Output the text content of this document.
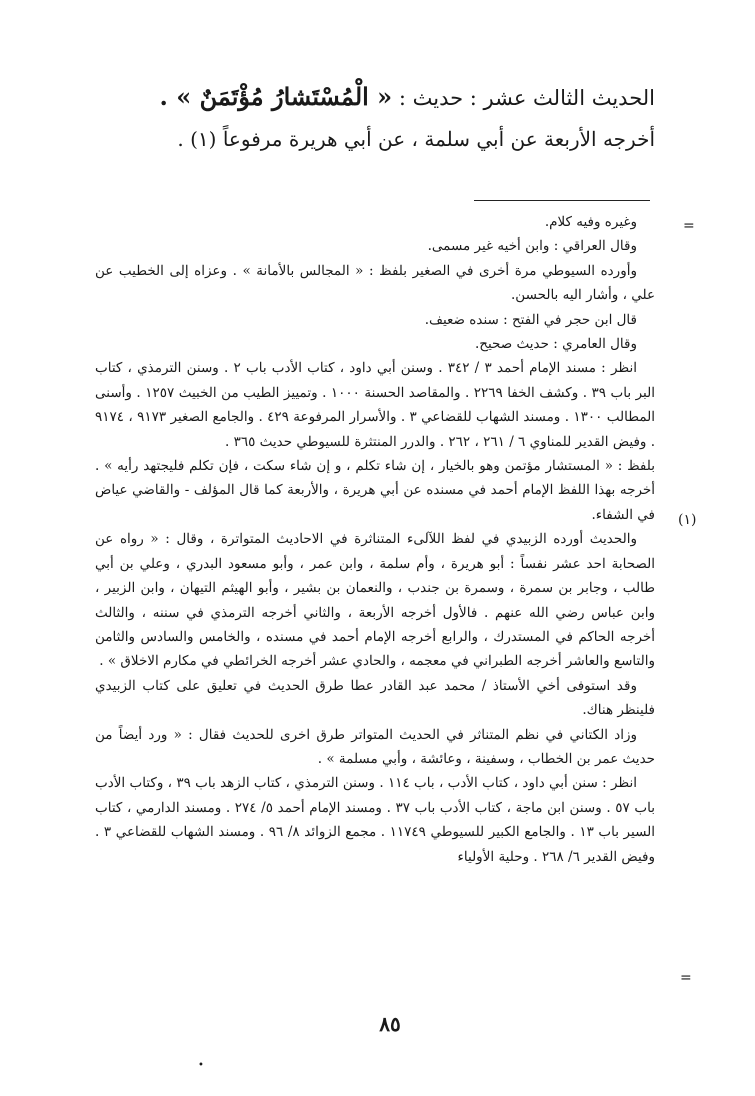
الحديث الثالث عشر : حديث : « الْمُسْتَشارُ مُؤْتَمَنٌ » .
أخرجه الأربعة عن أبي سلمة ، عن أبي هريرة مرفوعاً (١) .
=
(١)
=

وغيره وفيه كلام.

وقال العراقي : وابن أخيه غير مسمى.

وأورده السيوطي مرة أخرى في الصغير بلفظ : « المجالس بالأمانة » . وعزاه إلى الخطيب عن علي ، وأشار اليه بالحسن.

قال ابن حجر في الفتح : سنده ضعيف.

وقال العامري : حديث صحيح.

انظر : مسند الإمام أحمد ٣ / ٣٤٢ . وسنن أبي داود ، كتاب الأدب باب ٢ . وسنن الترمذي ، كتاب البر باب ٣٩ . وكشف الخفا ٢٢٦٩ . والمقاصد الحسنة ١٠٠٠ . وتمييز الطيب من الخبيث ١٢٥٧ . وأسنى المطالب ١٣٠٠ . ومسند الشهاب للقضاعي ٣ . والأسرار المرفوعة ٤٢٩ . والجامع الصغير ٩١٧٣ ، ٩١٧٤ . وفيض القدير للمناوي ٦ / ٢٦١ ، ٢٦٢ . والدرر المنتثرة للسيوطي حديث ٣٦٥ .

بلفظ : « المستشار مؤتمن وهو بالخيار ، إن شاء تكلم ، و إن شاء سكت ، فإن تكلم فليجتهد رأيه » . أخرجه بهذا اللفظ الإمام أحمد في مسنده عن أبي هريرة ، والأربعة كما قال المؤلف - والقاضي عياض في الشفاء.

والحديث أورده الزبيدي في لفظ اللآلىء المتناثرة في الاحاديث المتواترة ، وقال : « رواه عن الصحابة احد عشر نفساً : أبو هريرة ، وأم سلمة ، وابن عمر ، وأبو مسعود البدري ، وعلي بن أبي طالب ، وجابر بن سمرة ، وسمرة بن جندب ، والنعمان بن بشير ، وأبو الهيثم التيهان ، وابن الزبير ، وابن عباس رضي الله عنهم . فالأول أخرجه الأربعة ، والثاني أخرجه الترمذي في سننه ، والثالث أخرجه الحاكم في المستدرك ، والرابع أخرجه الإمام أحمد في مسنده ، والخامس والسادس والثامن والتاسع والعاشر أخرجه الطبراني في معجمه ، والحادي عشر أخرجه الخرائطي في مكارم الاخلاق » .

وقد استوفى أخي الأستاذ / محمد عبد القادر عطا طرق الحديث في تعليق على كتاب الزبيدي فلينظر هناك.

وزاد الكتاني في نظم المتناثر في الحديث المتواتر طرق اخرى للحديث فقال : « ورد أيضاً من حديث عمر بن الخطاب ، وسفينة ، وعائشة ، وأبي مسلمة » .

انظر : سنن أبي داود ، كتاب الأدب ، باب ١١٤ . وسنن الترمذي ، كتاب الزهد باب ٣٩ ، وكتاب الأدب باب ٥٧ . وسنن ابن ماجة ، كتاب الأدب باب ٣٧ . ومسند الإمام أحمد ٥/ ٢٧٤ . ومسند الدارمي ، كتاب السير باب ١٣ . والجامع الكبير للسيوطي ١١٧٤٩ . مجمع الزوائد ٨/ ٩٦ . ومسند الشهاب للقضاعي ٣ . وفيض القدير ٦/ ٢٦٨ . وحلية الأولياء

٨٥
•
